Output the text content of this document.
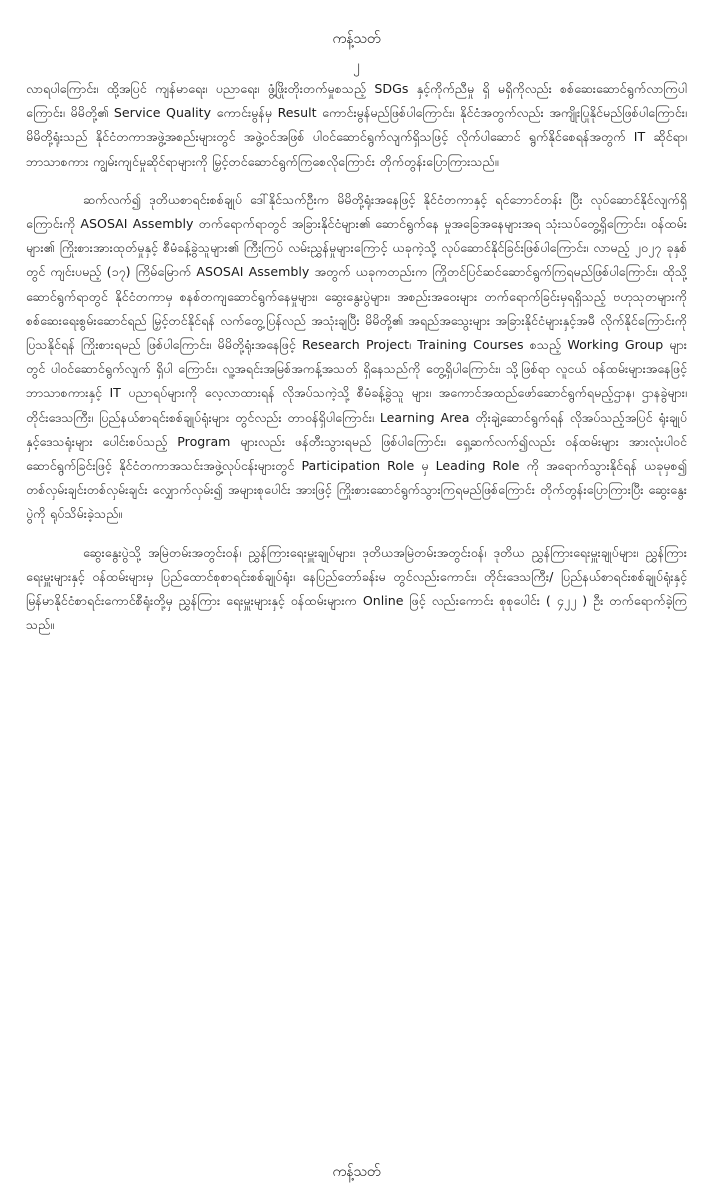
ကန့်သတ်
၂

လာရပါကြောင်း၊ ထို့အပြင် ကျန်မာရေး၊ ပညာရေး၊ ဖွံ့ဖြိုးတိုးတက်မှုစသည့် SDGs နှင့်ကိုက်ညီမှု ရှိ မရှိကိုလည်း စစ်ဆေးဆောင်ရွက်လာကြပါကြောင်း၊ မိမိတို့၏ Service Quality ကောင်းမွန်မှ Result ကောင်းမွန်မည်ဖြစ်ပါကြောင်း၊ နိုင်ငံအတွက်လည်း အကျိုးပြုနိုင်မည်ဖြစ်ပါကြောင်း၊ မိမိတို့ရုံးသည် နိုင်ငံတကာအဖွဲ့အစည်းများတွင် အဖွဲ့ဝင်အဖြစ် ပါဝင်ဆောင်ရွက်လျက်ရှိသဖြင့် လိုက်ပါဆောင် ရွက်နိုင်စေရန်အတွက် IT ဆိုင်ရာ၊ ဘာသာစကား ကျွမ်းကျင်မှုဆိုင်ရာများကို မြှင့်တင်ဆောင်ရွက်ကြစေလိုကြောင်း တိုက်တွန်းပြောကြားသည်။

ဆက်လက်၍ ဒုတိယစာရင်းစစ်ချုပ် ဒေါ်နိုင်သက်ဦးက မိမိတို့ရုံးအနေဖြင့် နိုင်ငံတကာနှင့် ရင်ဘောင်တန်း ပြီး လုပ်ဆောင်နိုင်လျက်ရှိကြောင်းကို ASOSAI Assembly တက်ရောက်ရာတွင် အခြားနိုင်ငံများ၏ ဆောင်ရွက်နေ မှုအခြေအနေများအရ သုံးသပ်တွေ့ရှိကြောင်း၊ ဝန်ထမ်းများ၏ ကြိုးစားအားထုတ်မှုနှင့် စီမံခန့်ခွဲသူများ၏ ကြီးကြပ် လမ်းညွှန်မှုများကြောင့် ယခုကဲ့သို့ လုပ်ဆောင်နိုင်ခြင်းဖြစ်ပါကြောင်း၊ လာမည့် ၂၀၂၇ ခုနှစ်တွင် ကျင်းပမည့် (၁၇) ကြိမ်မြောက် ASOSAI Assembly အတွက် ယခုကတည်းက ကြိုတင်ပြင်ဆင်ဆောင်ရွက်ကြရမည်ဖြစ်ပါကြောင်း၊ ထိုသို့ ဆောင်ရွက်ရာတွင် နိုင်ငံတကာမှ စနစ်တကျဆောင်ရွက်နေမှုများ၊ ဆွေးနွေးပွဲများ၊ အစည်းအဝေးများ တက်ရောက်ခြင်းမှရရှိသည့် ဗဟုသုတများကို စစ်ဆေးရေးစွမ်းဆောင်ရည် မြှင့်တင်နိုင်ရန် လက်တွေ့ပြန်လည် အသုံးချပြီး မိမိတို့၏ အရည်အသွေးများ အခြားနိုင်ငံများနှင့်အမီ လိုက်နိုင်ကြောင်းကို ပြသနိုင်ရန် ကြိုးစားရမည် ဖြစ်ပါကြောင်း၊ မိမိတို့ရုံးအနေဖြင့် Research Project၊ Training Courses စသည့် Working Group များတွင် ပါဝင်ဆောင်ရွက်လျက် ရှိပါ ကြောင်း၊ လူ့အရင်းအမြစ်အကန့်အသတ် ရှိနေသည်ကို တွေ့ရှိပါကြောင်း၊ သို့ဖြစ်ရာ လူငယ် ဝန်ထမ်းများအနေဖြင့် ဘာသာစကားနှင့် IT ပညာရပ်များကို လေ့လာထားရန် လိုအပ်သကဲ့သို့ စီမံခန့်ခွဲသူ များ၊ အကောင်အထည်ဖော်ဆောင်ရွက်ရမည့်ဌာန၊ ဌာနခွဲများ၊ တိုင်းဒေသကြီး၊ ပြည်နယ်စာရင်းစစ်ချုပ်ရုံးများ တွင်လည်း တာဝန်ရှိပါကြောင်း၊ Learning Area တိုးချဲ့ဆောင်ရွက်ရန် လိုအပ်သည့်အပြင် ရုံးချုပ်နှင့်ဒေသရုံးများ ပေါင်းစပ်သည့် Program များလည်း ဖန်တီးသွားရမည် ဖြစ်ပါကြောင်း၊ ရှေ့ဆက်လက်၍လည်း ဝန်ထမ်းများ အားလုံးပါဝင်ဆောင်ရွက်ခြင်းဖြင့် နိုင်ငံတကာအသင်းအဖွဲ့လုပ်ငန်းများတွင် Participation Role မှ Leading Role ကို အရောက်သွားနိုင်ရန် ယခုမှစ၍ တစ်လှမ်းချင်းတစ်လှမ်းချင်း လျှောက်လှမ်း၍ အများစုပေါင်း အားဖြင့် ကြိုးစားဆောင်ရွက်သွားကြရမည်ဖြစ်ကြောင်း တိုက်တွန်းပြောကြားပြီး ဆွေးနွေးပွဲကို ရုပ်သိမ်းခဲ့သည်။

ဆွေးနွေးပွဲသို့ အမြဲတမ်းအတွင်းဝန်၊ ညွှန်ကြားရေးမှူးချုပ်များ၊ ဒုတိယအမြဲတမ်းအတွင်းဝန်၊ ဒုတိယ ညွှန်ကြားရေးမှူးချုပ်များ၊ ညွှန်ကြားရေးမှူးများနှင့် ဝန်ထမ်းများမှ ပြည်ထောင်စုစာရင်းစစ်ချုပ်ရုံး၊ နေပြည်တော်ခန်းမ တွင်လည်းကောင်း၊ တိုင်းဒေသကြီး/ ပြည်နယ်စာရင်းစစ်ချုပ်ရုံးနှင့် မြန်မာနိုင်ငံစာရင်းကောင်စီရုံးတို့မှ ညွှန်ကြား ရေးမှူးများနှင့် ဝန်ထမ်းများက Online ဖြင့် လည်းကောင်း စုစုပေါင်း ( ၄၂၂ ) ဦး တက်ရောက်ခဲ့ကြသည်။

ကန့်သတ်
